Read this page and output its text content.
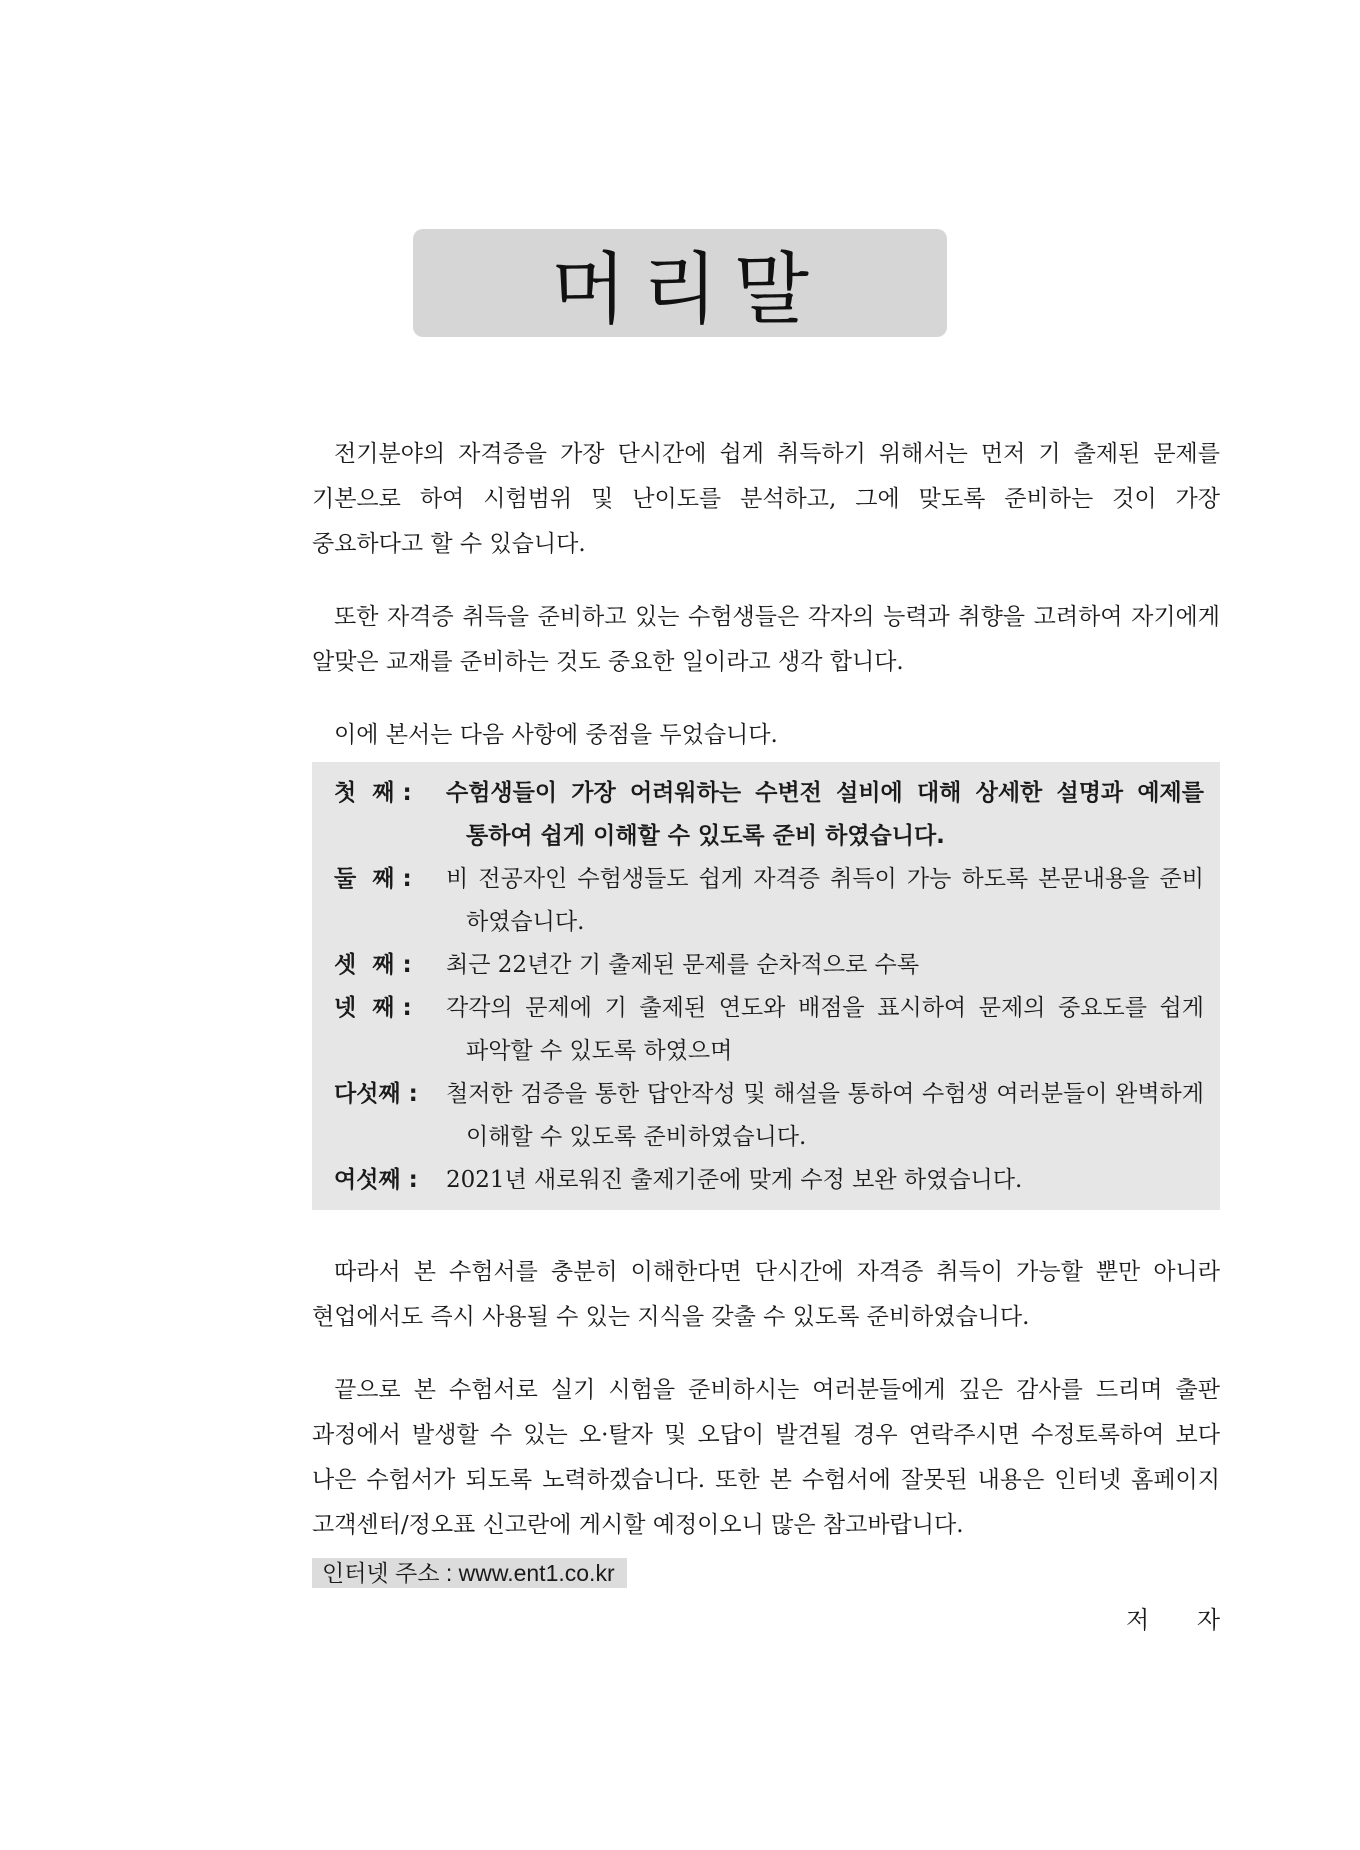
머리말

전기분야의 자격증을 가장 단시간에 쉽게 취득하기 위해서는 먼저 기 출제된 문제를 기본으로 하여 시험범위 및 난이도를 분석하고, 그에 맞도록 준비하는 것이 가장 중요하다고 할 수 있습니다.

또한 자격증 취득을 준비하고 있는 수험생들은 각자의 능력과 취향을 고려하여 자기에게 알맞은 교재를 준비하는 것도 중요한 일이라고 생각 합니다.

이에 본서는 다음 사항에 중점을 두었습니다.

첫  째 :	수험생들이 가장 어려워하는 수변전 설비에 대해 상세한 설명과 예제를 통하여 쉽게 이해할 수 있도록 준비 하였습니다.
둘  째 :	비 전공자인 수험생들도 쉽게 자격증 취득이 가능 하도록 본문내용을 준비 하였습니다.
셋  째 :	최근 22년간 기 출제된 문제를 순차적으로 수록
넷  째 :	각각의 문제에 기 출제된 연도와 배점을 표시하여 문제의 중요도를 쉽게 파악할 수 있도록 하였으며
다섯째 :	철저한 검증을 통한 답안작성 및 해설을 통하여 수험생 여러분들이 완벽하게 이해할 수 있도록 준비하였습니다.
여섯째 :	2021년 새로워진 출제기준에 맞게 수정 보완 하였습니다.

따라서 본 수험서를 충분히 이해한다면 단시간에 자격증 취득이 가능할 뿐만 아니라 현업에서도 즉시 사용될 수 있는 지식을 갖출 수 있도록 준비하였습니다.

끝으로 본 수험서로 실기 시험을 준비하시는 여러분들에게 깊은 감사를 드리며 출판 과정에서 발생할 수 있는 오·탈자 및 오답이 발견될 경우 연락주시면 수정토록하여 보다 나은 수험서가 되도록 노력하겠습니다. 또한 본 수험서에 잘못된 내용은 인터넷 홈페이지 고객센터/정오표 신고란에 게시할 예정이오니 많은 참고바랍니다.

인터넷 주소 : www.ent1.co.kr
저 자
